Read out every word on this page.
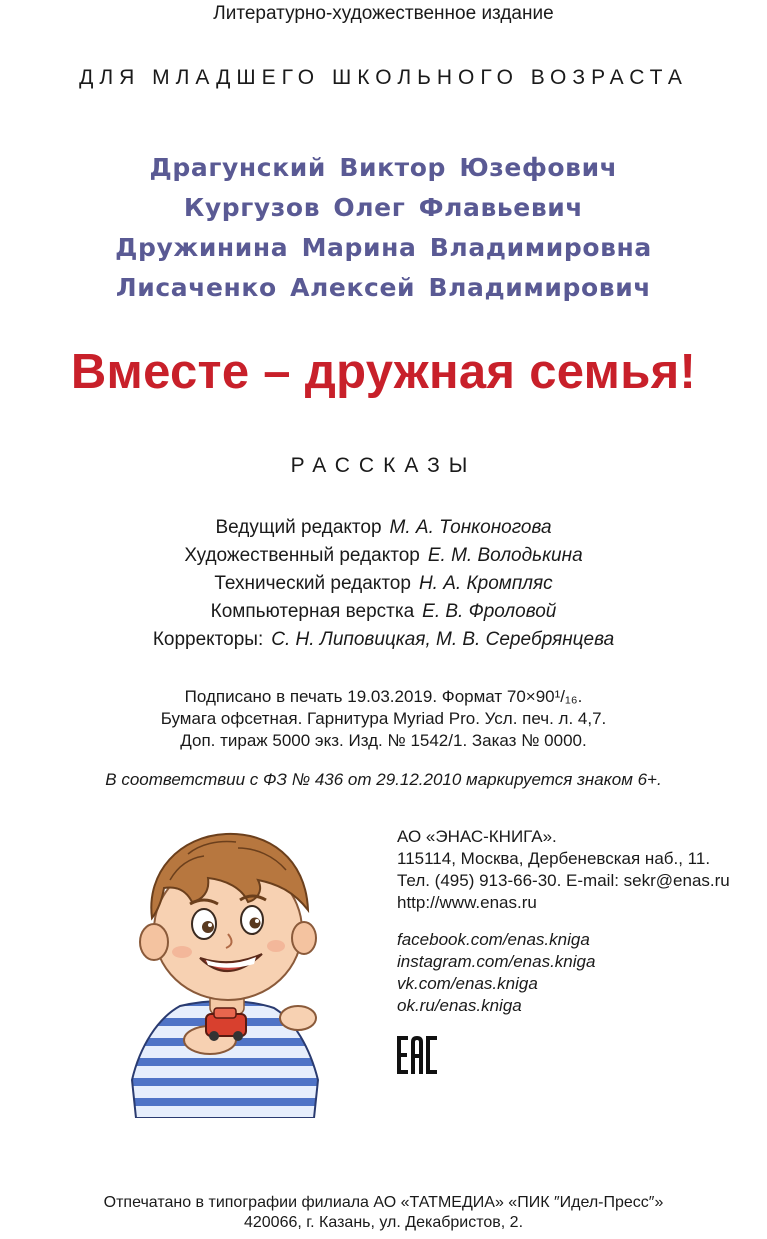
Литературно-художественное издание
ДЛЯ МЛАДШЕГО ШКОЛЬНОГО ВОЗРАСТА
Драгунский Виктор Юзефович
Кургузов Олег Флавьевич
Дружинина Марина Владимировна
Лисаченко Алексей Владимирович
Вместе – дружная семья!
РАССКАЗЫ
Ведущий редактор М. А. Тонконогова
Художественный редактор Е. М. Володькина
Технический редактор Н. А. Кромпляс
Компьютерная верстка Е. В. Фроловой
Корректоры: С. Н. Липовицкая, М. В. Серебрянцева
Подписано в печать 19.03.2019. Формат 70×90¹/₁₆.
Бумага офсетная. Гарнитура Myriad Pro. Усл. печ. л. 4,7.
Доп. тираж 5000 экз. Изд. № 1542/1. Заказ № 0000.
В соответствии с ФЗ № 436 от 29.12.2010 маркируется знаком 6+.
АО «ЭНАС-КНИГА».
115114, Москва, Дербеневская наб., 11.
Тел. (495) 913-66-30. E-mail: sekr@enas.ru
http://www.enas.ru
facebook.com/enas.kniga
instagram.com/enas.kniga
vk.com/enas.kniga
ok.ru/enas.kniga
Отпечатано в типографии филиала АО «ТАТМЕДИА» «ПИК ″Идел-Пресс″»
420066, г. Казань, ул. Декабристов, 2.
